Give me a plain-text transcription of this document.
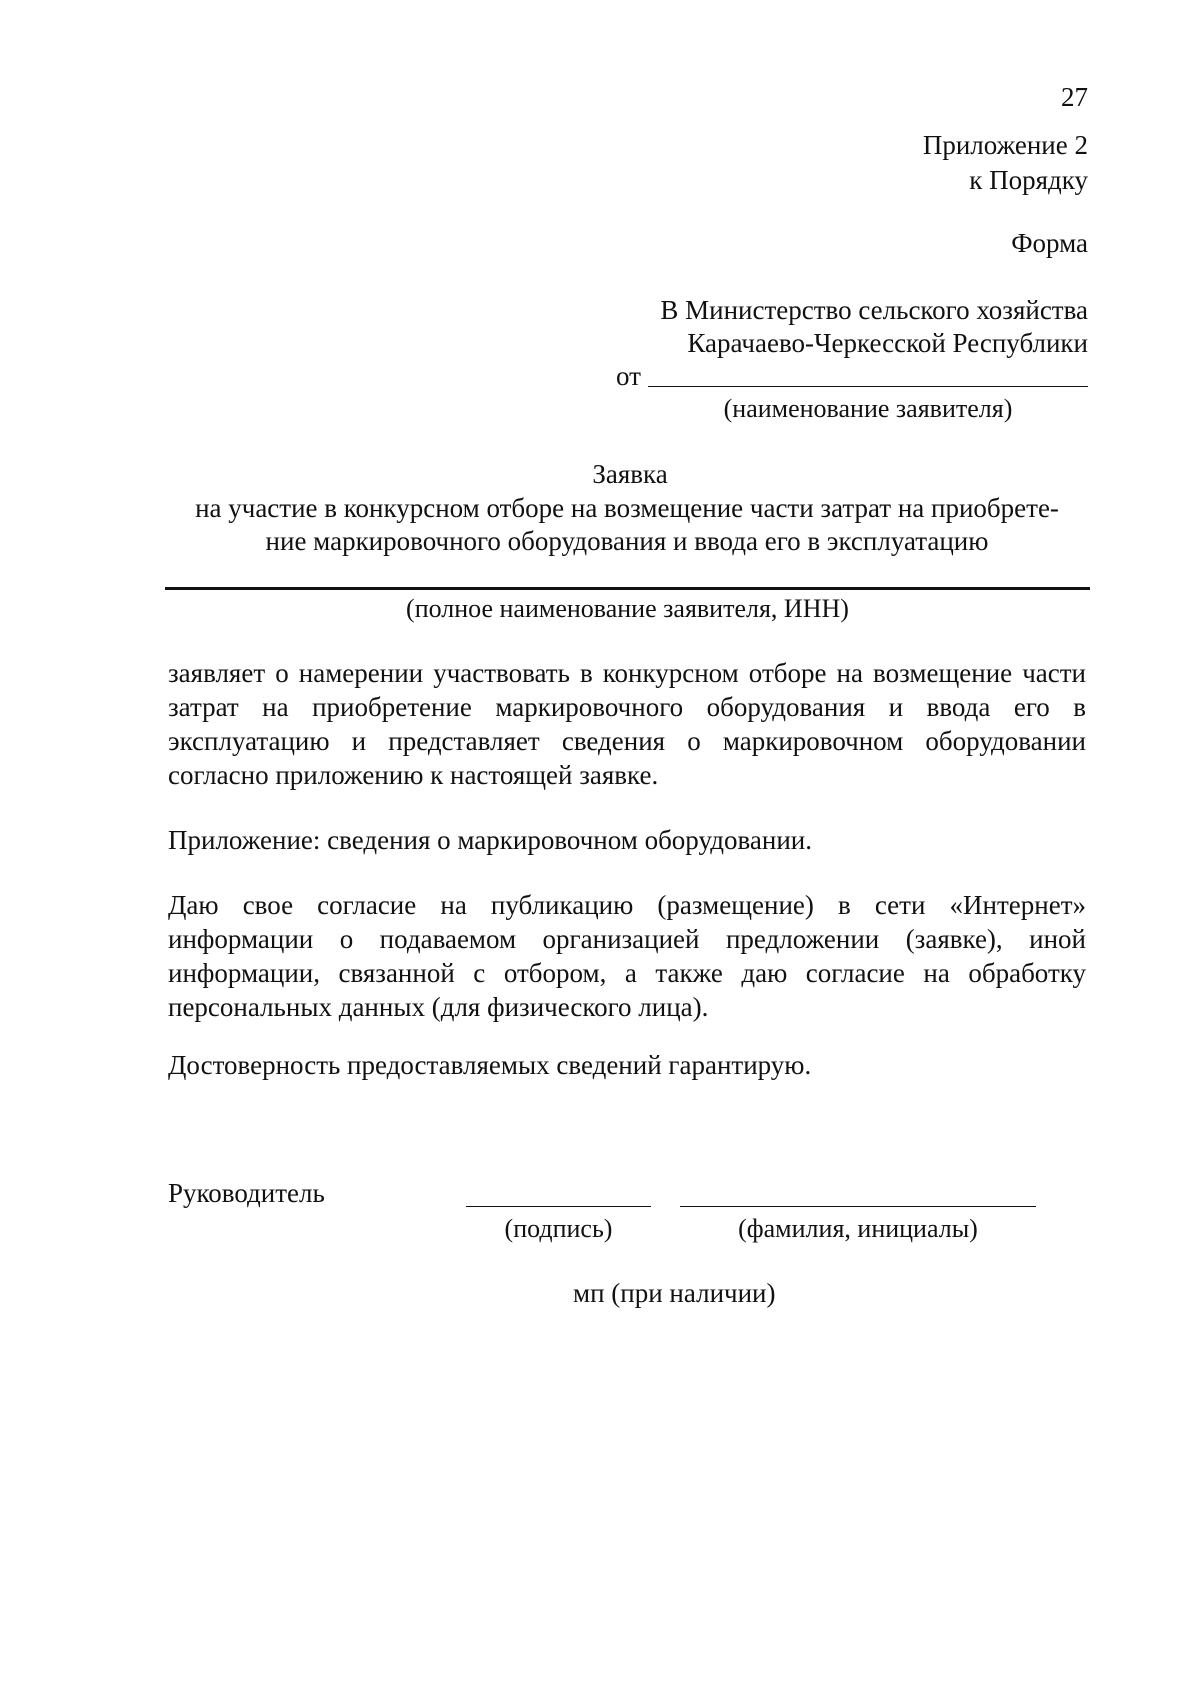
27
Приложение 2
к Порядку
Форма
В Министерство сельского хозяйства
Карачаево-Черкесской Республики
от
(наименование заявителя)
Заявка
на участие в конкурсном отборе на возмещение части затрат на приобрете-
ние маркировочного оборудования и ввода его в эксплуатацию
(полное наименование заявителя, ИНН)
заявляет о намерении участвовать в конкурсном отборе на возмещение части затрат на приобретение маркировочного оборудования и ввода его в эксплуатацию и представляет сведения о маркировочном оборудовании согласно приложению к настоящей заявке.
Приложение: сведения о маркировочном оборудовании.
Даю свое согласие на публикацию (размещение) в сети «Интернет» информации о подаваемом организацией предложении (заявке), иной информации, связанной с отбором, а также даю согласие на обработку персональных данных (для физического лица).
Достоверность предоставляемых сведений гарантирую.
Руководитель
(подпись)	(фамилия, инициалы)
мп (при наличии)
